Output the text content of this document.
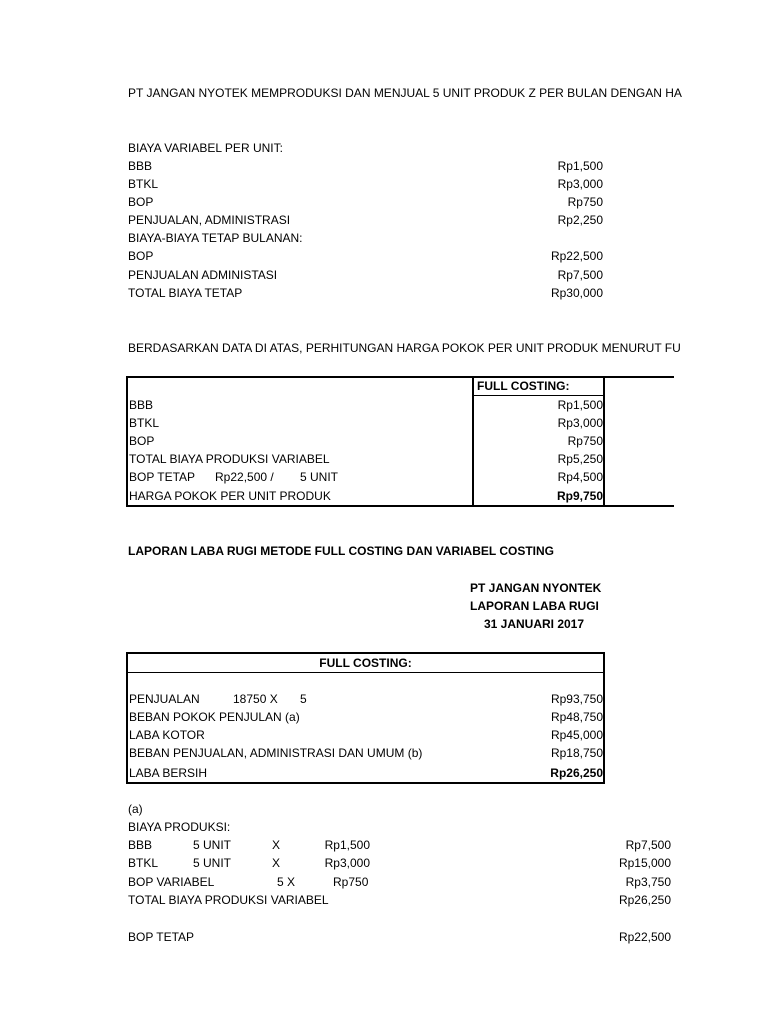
PT JANGAN NYOTEK MEMPRODUKSI DAN MENJUAL 5 UNIT PRODUK Z PER BULAN DENGAN HA
BIAYA VARIABEL PER UNIT:
BBB	Rp1,500
BTKL	Rp3,000
BOP	Rp750
PENJUALAN, ADMINISTRASI	Rp2,250
BIAYA-BIAYA TETAP BULANAN:
BOP	Rp22,500
PENJUALAN ADMINISTASI	Rp7,500
TOTAL BIAYA TETAP	Rp30,000
BERDASARKAN DATA DI ATAS, PERHITUNGAN HARGA POKOK PER UNIT PRODUK MENURUT FU
FULL COSTING:
BBB	Rp1,500
BTKL	Rp3,000
BOP	Rp750
TOTAL BIAYA PRODUKSI VARIABEL	Rp5,250
BOP TETAP Rp22,500 / 5 UNIT	Rp4,500
HARGA POKOK PER UNIT PRODUK	Rp9,750
LAPORAN LABA RUGI METODE FULL COSTING DAN VARIABEL COSTING
PT JANGAN NYONTEK
LAPORAN LABA RUGI
31 JANUARI 2017
FULL COSTING:
PENJUALAN	18750 X 5	Rp93,750
BEBAN POKOK PENJULAN (a)	Rp48,750
LABA KOTOR	Rp45,000
BEBAN PENJUALAN, ADMINISTRASI DAN UMUM (b)	Rp18,750
LABA BERSIH	Rp26,250
(a)
BIAYA PRODUKSI:
BBB	5 UNIT	X	Rp1,500	Rp7,500
BTKL	5 UNIT	X	Rp3,000	Rp15,000
BOP VARIABEL	5 X	Rp750	Rp3,750
TOTAL BIAYA PRODUKSI VARIABEL	Rp26,250
BOP TETAP	Rp22,500
